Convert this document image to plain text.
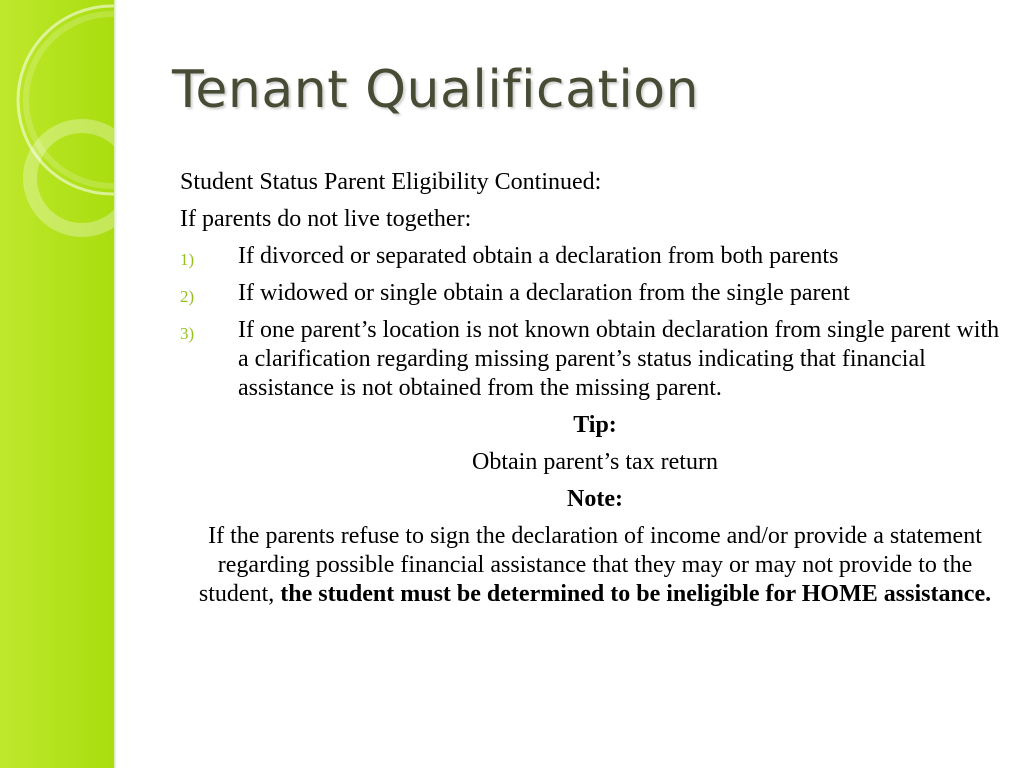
Tenant Qualification

Student Status Parent Eligibility Continued:

If parents do not live together:

1) If divorced or separated obtain a declaration from both parents
2) If widowed or single obtain a declaration from the single parent
3) If one parent’s location is not known obtain declaration from single parent with a clarification regarding missing parent’s status indicating that financial assistance is not obtained from the missing parent.

Tip:

Obtain parent’s tax return

Note:

If the parents refuse to sign the declaration of income and/or provide a statement regarding possible financial assistance that they may or may not provide to the student, the student must be determined to be ineligible for HOME assistance.
